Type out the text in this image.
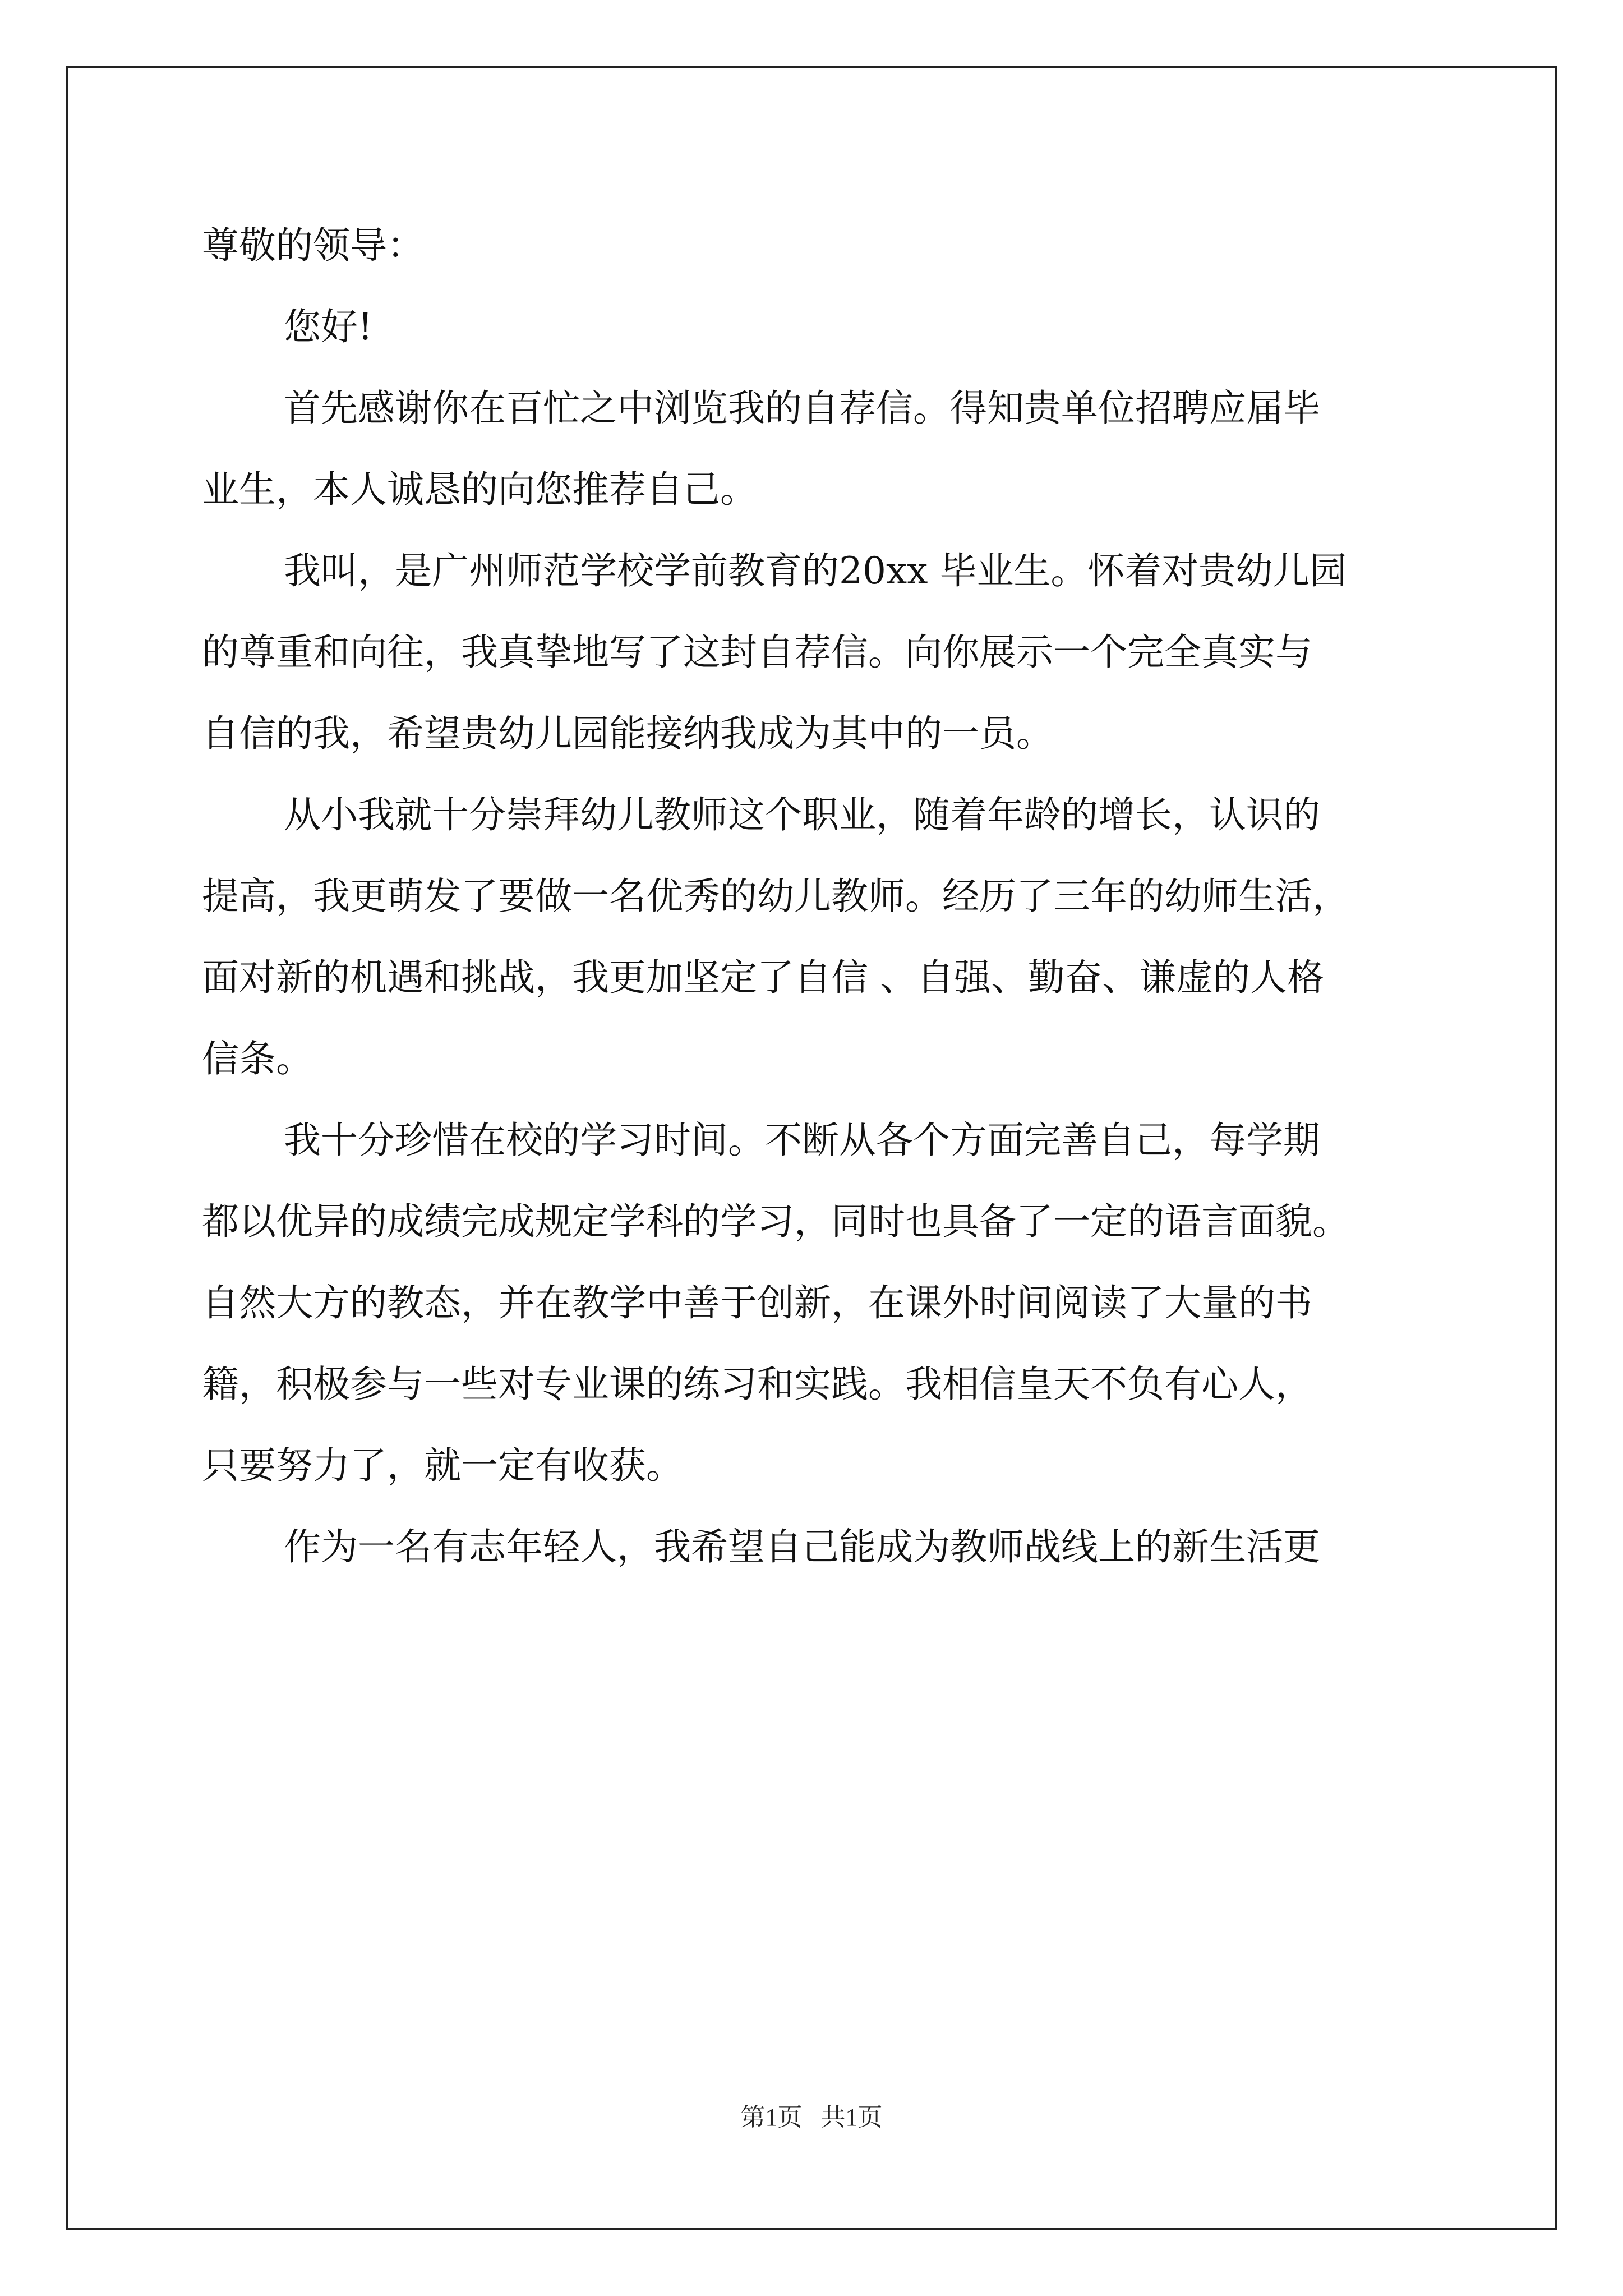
尊敬的领导：
您好!
首先感谢你在百忙之中浏览我的自荐信。得知贵单位招聘应届毕
业生，本人诚恳的向您推荐自己。
我叫，是广州师范学校学前教育的20xx 毕业生。怀着对贵幼儿园
的尊重和向往，我真挚地写了这封自荐信。向你展示一个完全真实与
自信的我，希望贵幼儿园能接纳我成为其中的一员。
从小我就十分崇拜幼儿教师这个职业，随着年龄的增长，认识的
提高，我更萌发了要做一名优秀的幼儿教师。经历了三年的幼师生活，
面对新的机遇和挑战，我更加坚定了自信 、自强、勤奋、谦虚的人格
信条。
我十分珍惜在校的学习时间。不断从各个方面完善自己，每学期
都以优异的成绩完成规定学科的学习，同时也具备了一定的语言面貌。
自然大方的教态，并在教学中善于创新，在课外时间阅读了大量的书
籍，积极参与一些对专业课的练习和实践。我相信皇天不负有心人，
只要努力了，就一定有收获。
作为一名有志年轻人，我希望自己能成为教师战线上的新生活更
第1页   共1页
